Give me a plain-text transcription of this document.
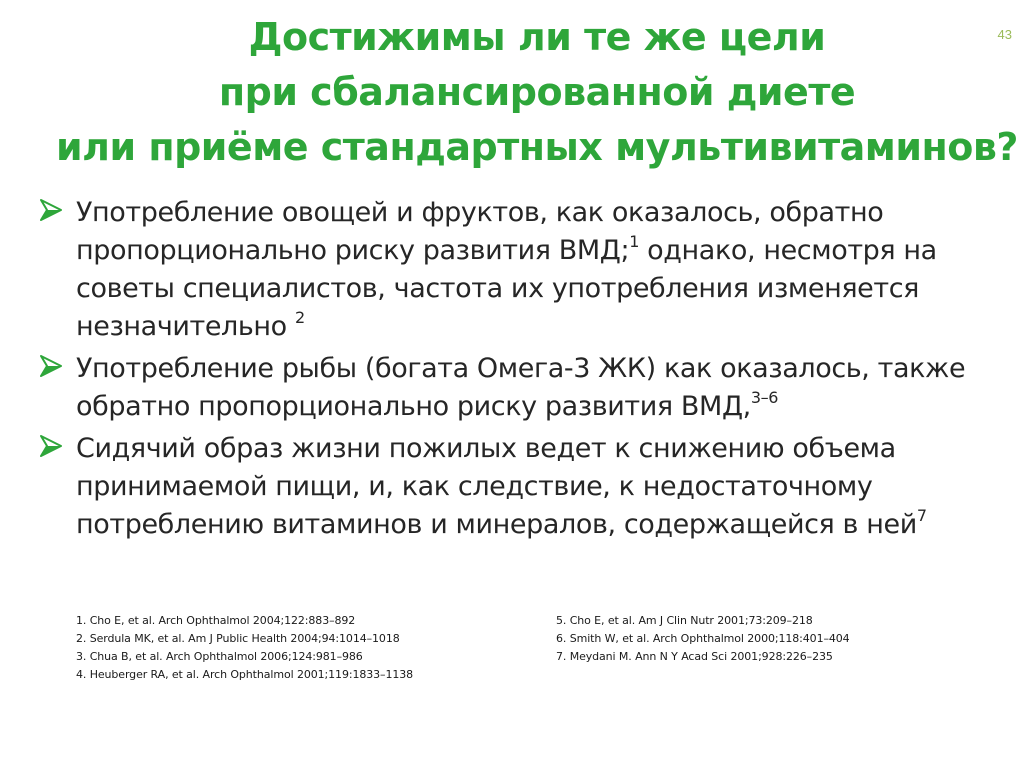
43
Достижимы ли те же цели
при сбалансированной диете
или приёме стандартных мультивитаминов?
Употребление овощей и фруктов, как оказалось, обратно пропорционально риску развития ВМД;$^1$ однако, несмотря на советы специалистов, частота их употребления изменяется незначительно $^2$
Употребление рыбы (богата Омега-3 ЖК) как оказалось, также обратно пропорционально риску развития ВМД,$^{3-6}$
Сидячий образ жизни пожилых ведет к снижению объема принимаемой пищи, и, как следствие, к недостаточному потреблению витаминов и минералов, содержащейся в ней$^7$
1. Cho E, et al. Arch Ophthalmol 2004;122:883–892
2. Serdula MK, et al. Am J Public Health 2004;94:1014–1018
3. Chua B, et al. Arch Ophthalmol 2006;124:981–986
4. Heuberger RA, et al. Arch Ophthalmol 2001;119:1833–1138
5. Cho E, et al. Am J Clin Nutr 2001;73:209–218
6. Smith W, et al. Arch Ophthalmol 2000;118:401–404
7. Meydani M. Ann N Y Acad Sci 2001;928:226–235
